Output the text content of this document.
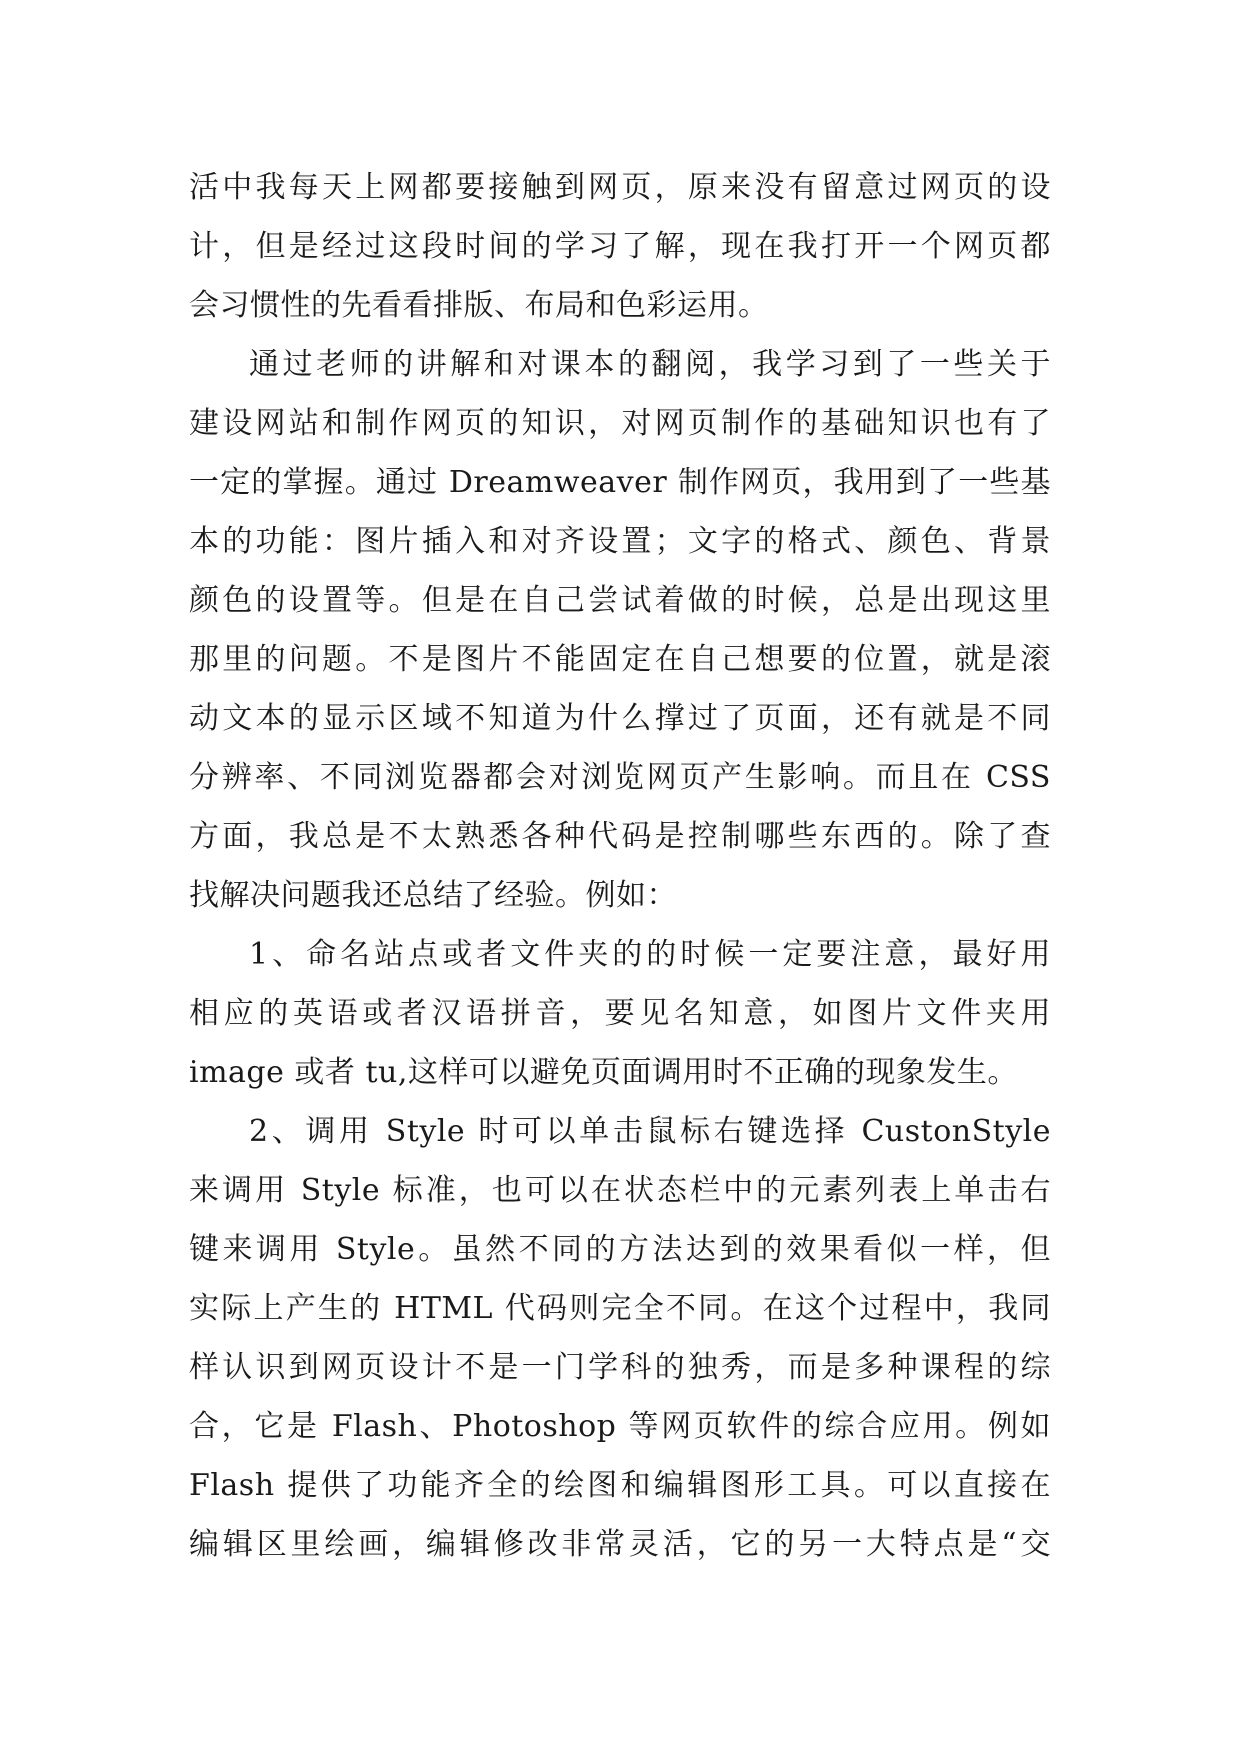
活中我每天上网都要接触到网页，原来没有留意过网页的设
计，但是经过这段时间的学习了解，现在我打开一个网页都
会习惯性的先看看排版、布局和色彩运用。
通过老师的讲解和对课本的翻阅，我学习到了一些关于
建设网站和制作网页的知识，对网页制作的基础知识也有了
一定的掌握。通过 Dreamweaver 制作网页，我用到了一些基
本的功能：图片插入和对齐设置；文字的格式、颜色、背景
颜色的设置等。但是在自己尝试着做的时候，总是出现这里
那里的问题。不是图片不能固定在自己想要的位置，就是滚
动文本的显示区域不知道为什么撑过了页面，还有就是不同
分辨率、不同浏览器都会对浏览网页产生影响。而且在 CSS
方面，我总是不太熟悉各种代码是控制哪些东西的。除了查
找解决问题我还总结了经验。例如：
1、命名站点或者文件夹的的时候一定要注意，最好用
相应的英语或者汉语拼音，要见名知意，如图片文件夹用
image 或者 tu,这样可以避免页面调用时不正确的现象发生。
2、调用 Style 时可以单击鼠标右键选择 CustonStyle
来调用 Style 标准，也可以在状态栏中的元素列表上单击右
键来调用 Style。虽然不同的方法达到的效果看似一样，但
实际上产生的 HTML 代码则完全不同。在这个过程中，我同
样认识到网页设计不是一门学科的独秀，而是多种课程的综
合，它是 Flash、Photoshop 等网页软件的综合应用。例如
Flash 提供了功能齐全的绘图和编辑图形工具。可以直接在
编辑区里绘画，编辑修改非常灵活，它的另一大特点是“交
